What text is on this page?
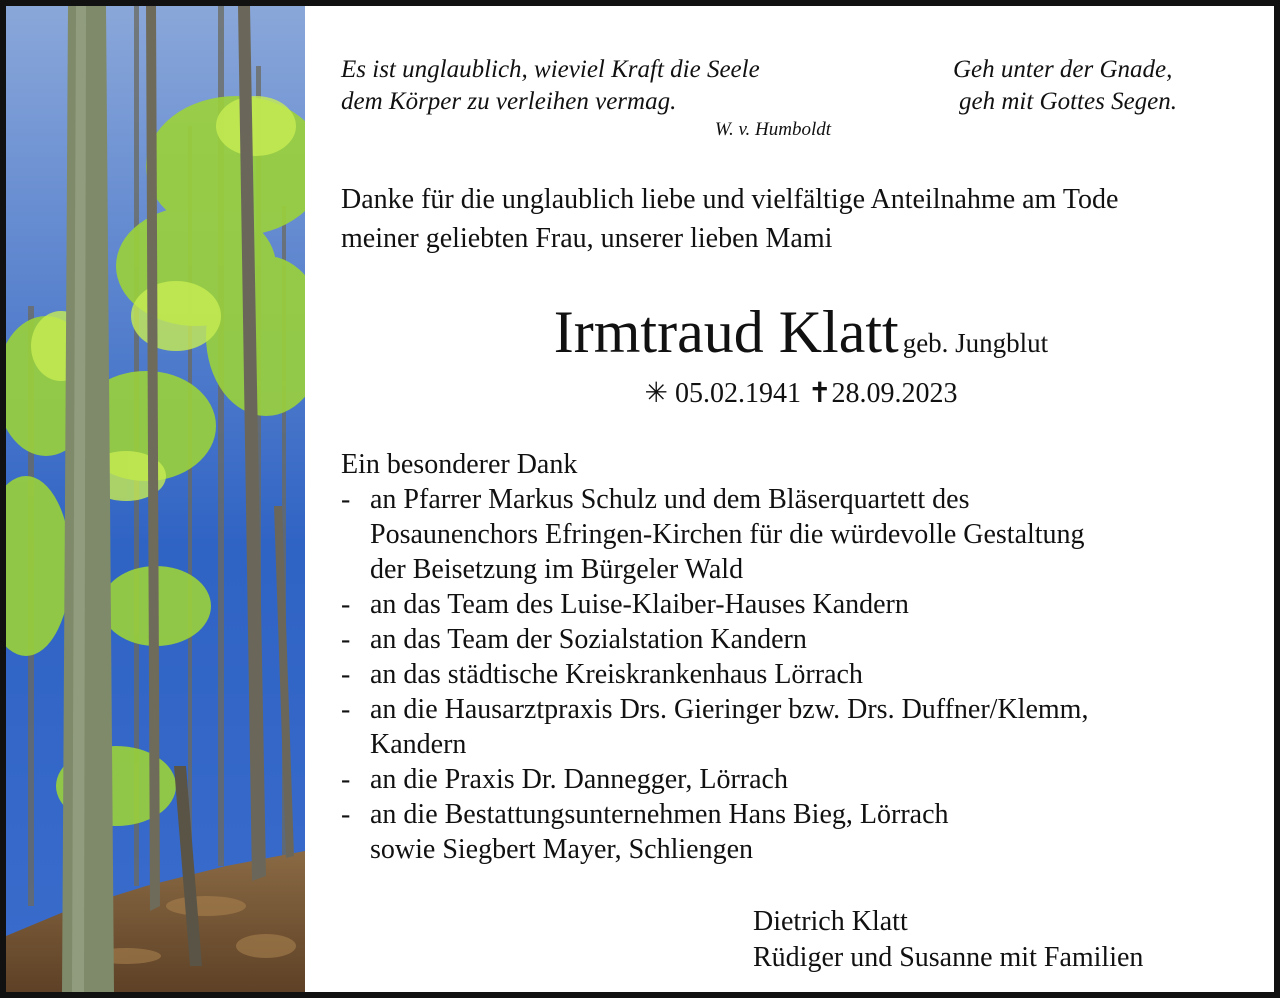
Es ist unglaublich, wieviel Kraft die Seele
dem Körper zu verleihen vermag.
W. v. Humboldt
Geh unter der Gnade,
geh mit Gottes Segen.
Danke für die unglaublich liebe und vielfältige Anteilnahme am Tode
meiner geliebten Frau, unserer lieben Mami
Irmtraud Klatt geb. Jungblut
✳ 05.02.1941 ✝28.09.2023
Ein besonderer Dank
- an Pfarrer Markus Schulz und dem Bläserquartett des
Posaunenchors Efringen-Kirchen für die würdevolle Gestaltung
der Beisetzung im Bürgeler Wald
- an das Team des Luise-Klaiber-Hauses Kandern
- an das Team der Sozialstation Kandern
- an das städtische Kreiskrankenhaus Lörrach
- an die Hausarztpraxis Drs. Gieringer bzw. Drs. Duffner/Klemm,
Kandern
- an die Praxis Dr. Dannegger, Lörrach
- an die Bestattungsunternehmen Hans Bieg, Lörrach
sowie Siegbert Mayer, Schliengen
Dietrich Klatt
Rüdiger und Susanne mit Familien
